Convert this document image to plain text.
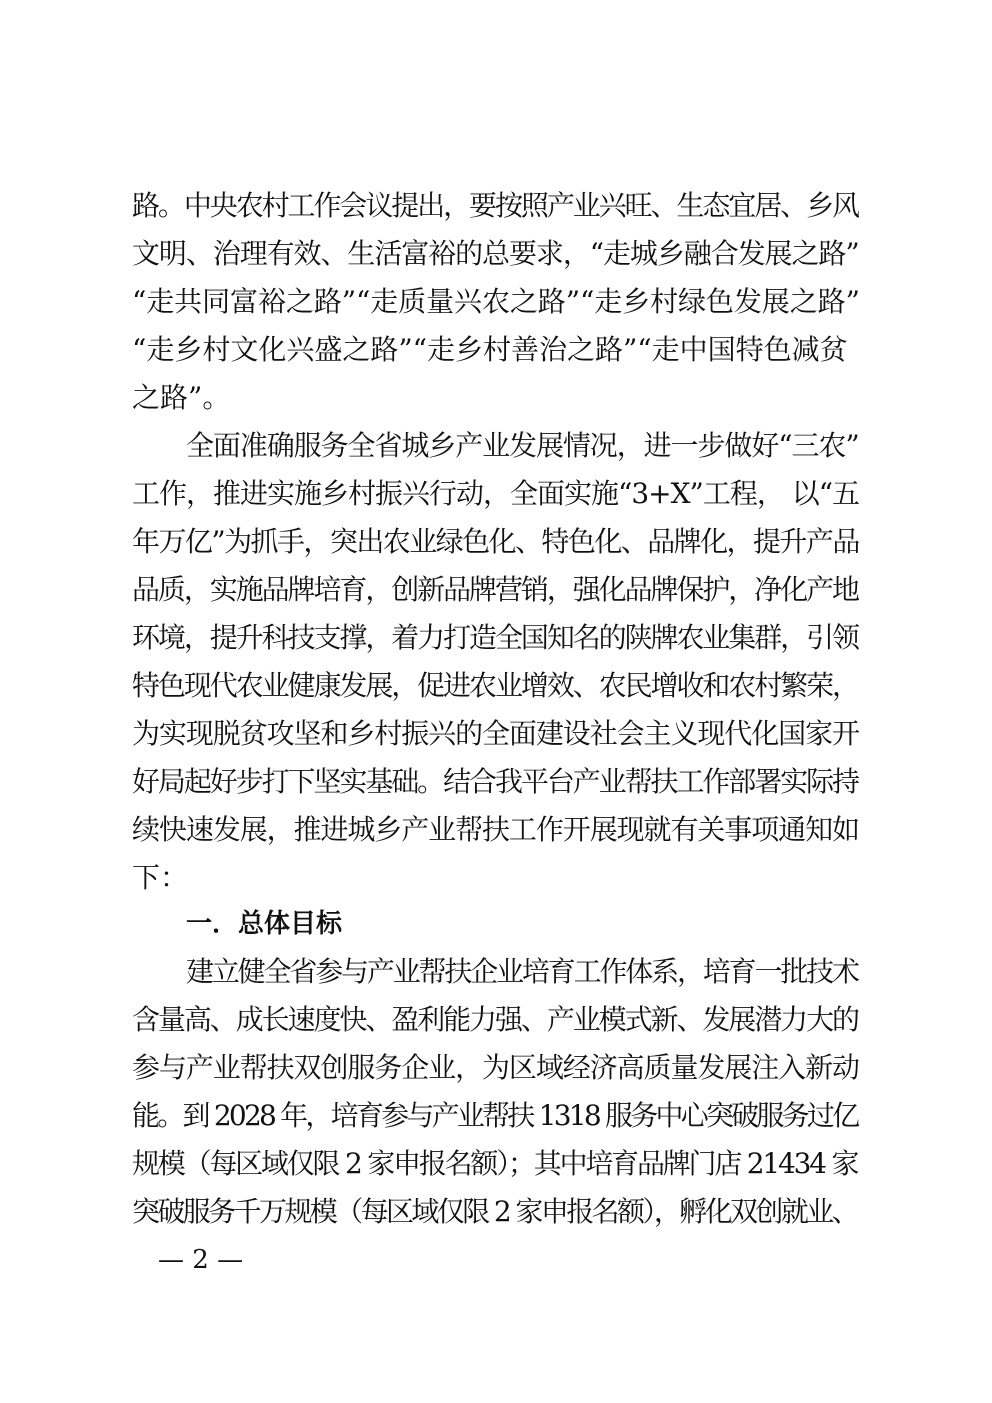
路。中央农村工作会议提出，要按照产业兴旺、生态宜居、乡风
文明、治理有效、生活富裕的总要求，“走城乡融合发展之路”
“走共同富裕之路”“走质量兴农之路”“走乡村绿色发展之路”
“走乡村文化兴盛之路”“走乡村善治之路”“走中国特色减贫
之路”。
全面准确服务全省城乡产业发展情况，进一步做好“三农”
工作，推进实施乡村振兴行动，全面实施“3+X”工程， 以“五
年万亿”为抓手，突出农业绿色化、特色化、品牌化，提升产品
品质，实施品牌培育，创新品牌营销，强化品牌保护，净化产地
环境，提升科技支撑，着力打造全国知名的陕牌农业集群，引领
特色现代农业健康发展，促进农业增效、农民增收和农村繁荣，
为实现脱贫攻坚和乡村振兴的全面建设社会主义现代化国家开
好局起好步打下坚实基础。结合我平台产业帮扶工作部署实际持
续快速发展，推进城乡产业帮扶工作开展现就有关事项通知如
下：
一．总体目标
建立健全省参与产业帮扶企业培育工作体系，培育一批技术
含量高、成长速度快、盈利能力强、产业模式新、发展潜力大的
参与产业帮扶双创服务企业，为区域经济高质量发展注入新动
能。到 2028 年，培育参与产业帮扶 1318 服务中心突破服务过亿
规模（每区域仅限 2 家申报名额）；其中培育品牌门店 21434 家
突破服务千万规模（每区域仅限 2 家申报名额），孵化双创就业、
— 2 —
